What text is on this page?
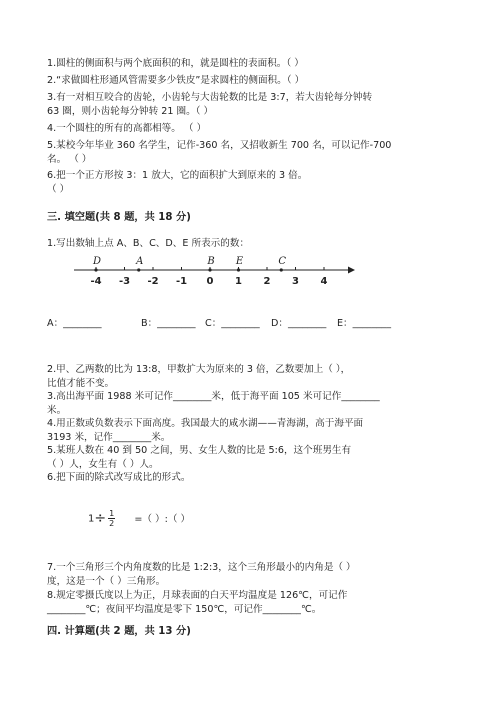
1.圆柱的侧面积与两个底面积的和，就是圆柱的表面积。（ ）
2.“求做圆柱形通风管需要多少铁皮”是求圆柱的侧面积。（ ）
3.有一对相互咬合的齿轮，小齿轮与大齿轮数的比是 3:7，若大齿轮每分钟转
63 圈，则小齿轮每分钟转 21 圈。（ ）
4.一个圆柱的所有的高都相等。 （ ）
5.某校今年毕业 360 名学生，记作-360 名，又招收新生 700 名，可以记作-700
名。 （ ）
6.把一个正方形按 3：1 放大，它的面积扩大到原来的 3 倍。
（ ）
三. 填空题(共 8 题，共 18 分)
1.写出数轴上点 A、B、C、D、E 所表示的数：
-4 -3 -2 -1 0 1 2 3 4
D	A	B E	C
A：________	B：________ C：________ D：________ E：________
2.甲、乙两数的比为 13:8，甲数扩大为原来的 3 倍，乙数要加上（ ），
比值才能不变。
3.高出海平面 1988 米可记作________米，低于海平面 105 米可记作________
米。
4.用正数或负数表示下面高度。我国最大的咸水湖——青海湖，高于海平面
3193 米，记作________米。
5.某班人数在 40 到 50 之间，男、女生人数的比是 5:6，这个班男生有
（ ）人，女生有（ ）人。
6.把下面的除式改写成比的形式。
$1\div \frac{1}{2}$ =（ ）:（ ）
7.一个三角形三个内角度数的比是 1:2:3，这个三角形最小的内角是（ ）
度，这是一个（ ）三角形。
8.规定零摄氏度以上为正，月球表面的白天平均温度是 126℃，可记作
________℃；夜间平均温度是零下 150℃，可记作________℃。
四. 计算题(共 2 题，共 13 分)
